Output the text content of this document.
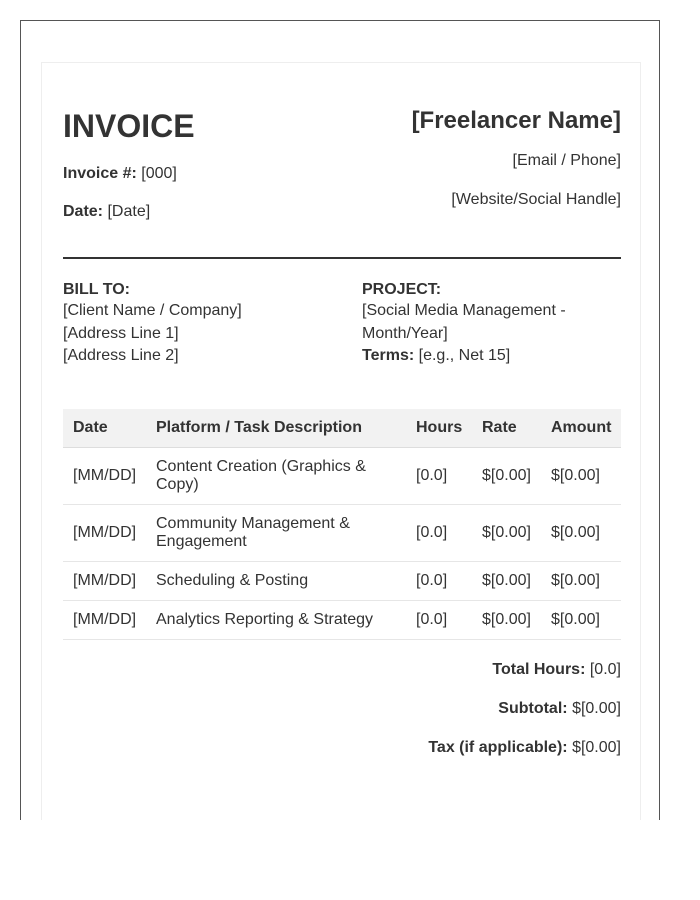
INVOICE

Invoice #: [000]

Date: [Date]

[Freelancer Name]

[Email / Phone]

[Website/Social Handle]

BILL TO:

[Client Name / Company]

[Address Line 1]

[Address Line 2]

PROJECT:

[Social Media Management - Month/Year]

Terms: [e.g., Net 15]

Date	Platform / Task Description	Hours	Rate	Amount
[MM/DD]	Content Creation (Graphics & Copy)	[0.0]	$[0.00]	$[0.00]
[MM/DD]	Community Management & Engagement	[0.0]	$[0.00]	$[0.00]
[MM/DD]	Scheduling & Posting	[0.0]	$[0.00]	$[0.00]
[MM/DD]	Analytics Reporting & Strategy	[0.0]	$[0.00]	$[0.00]

Total Hours: [0.0]

Subtotal: $[0.00]

Tax (if applicable): $[0.00]
